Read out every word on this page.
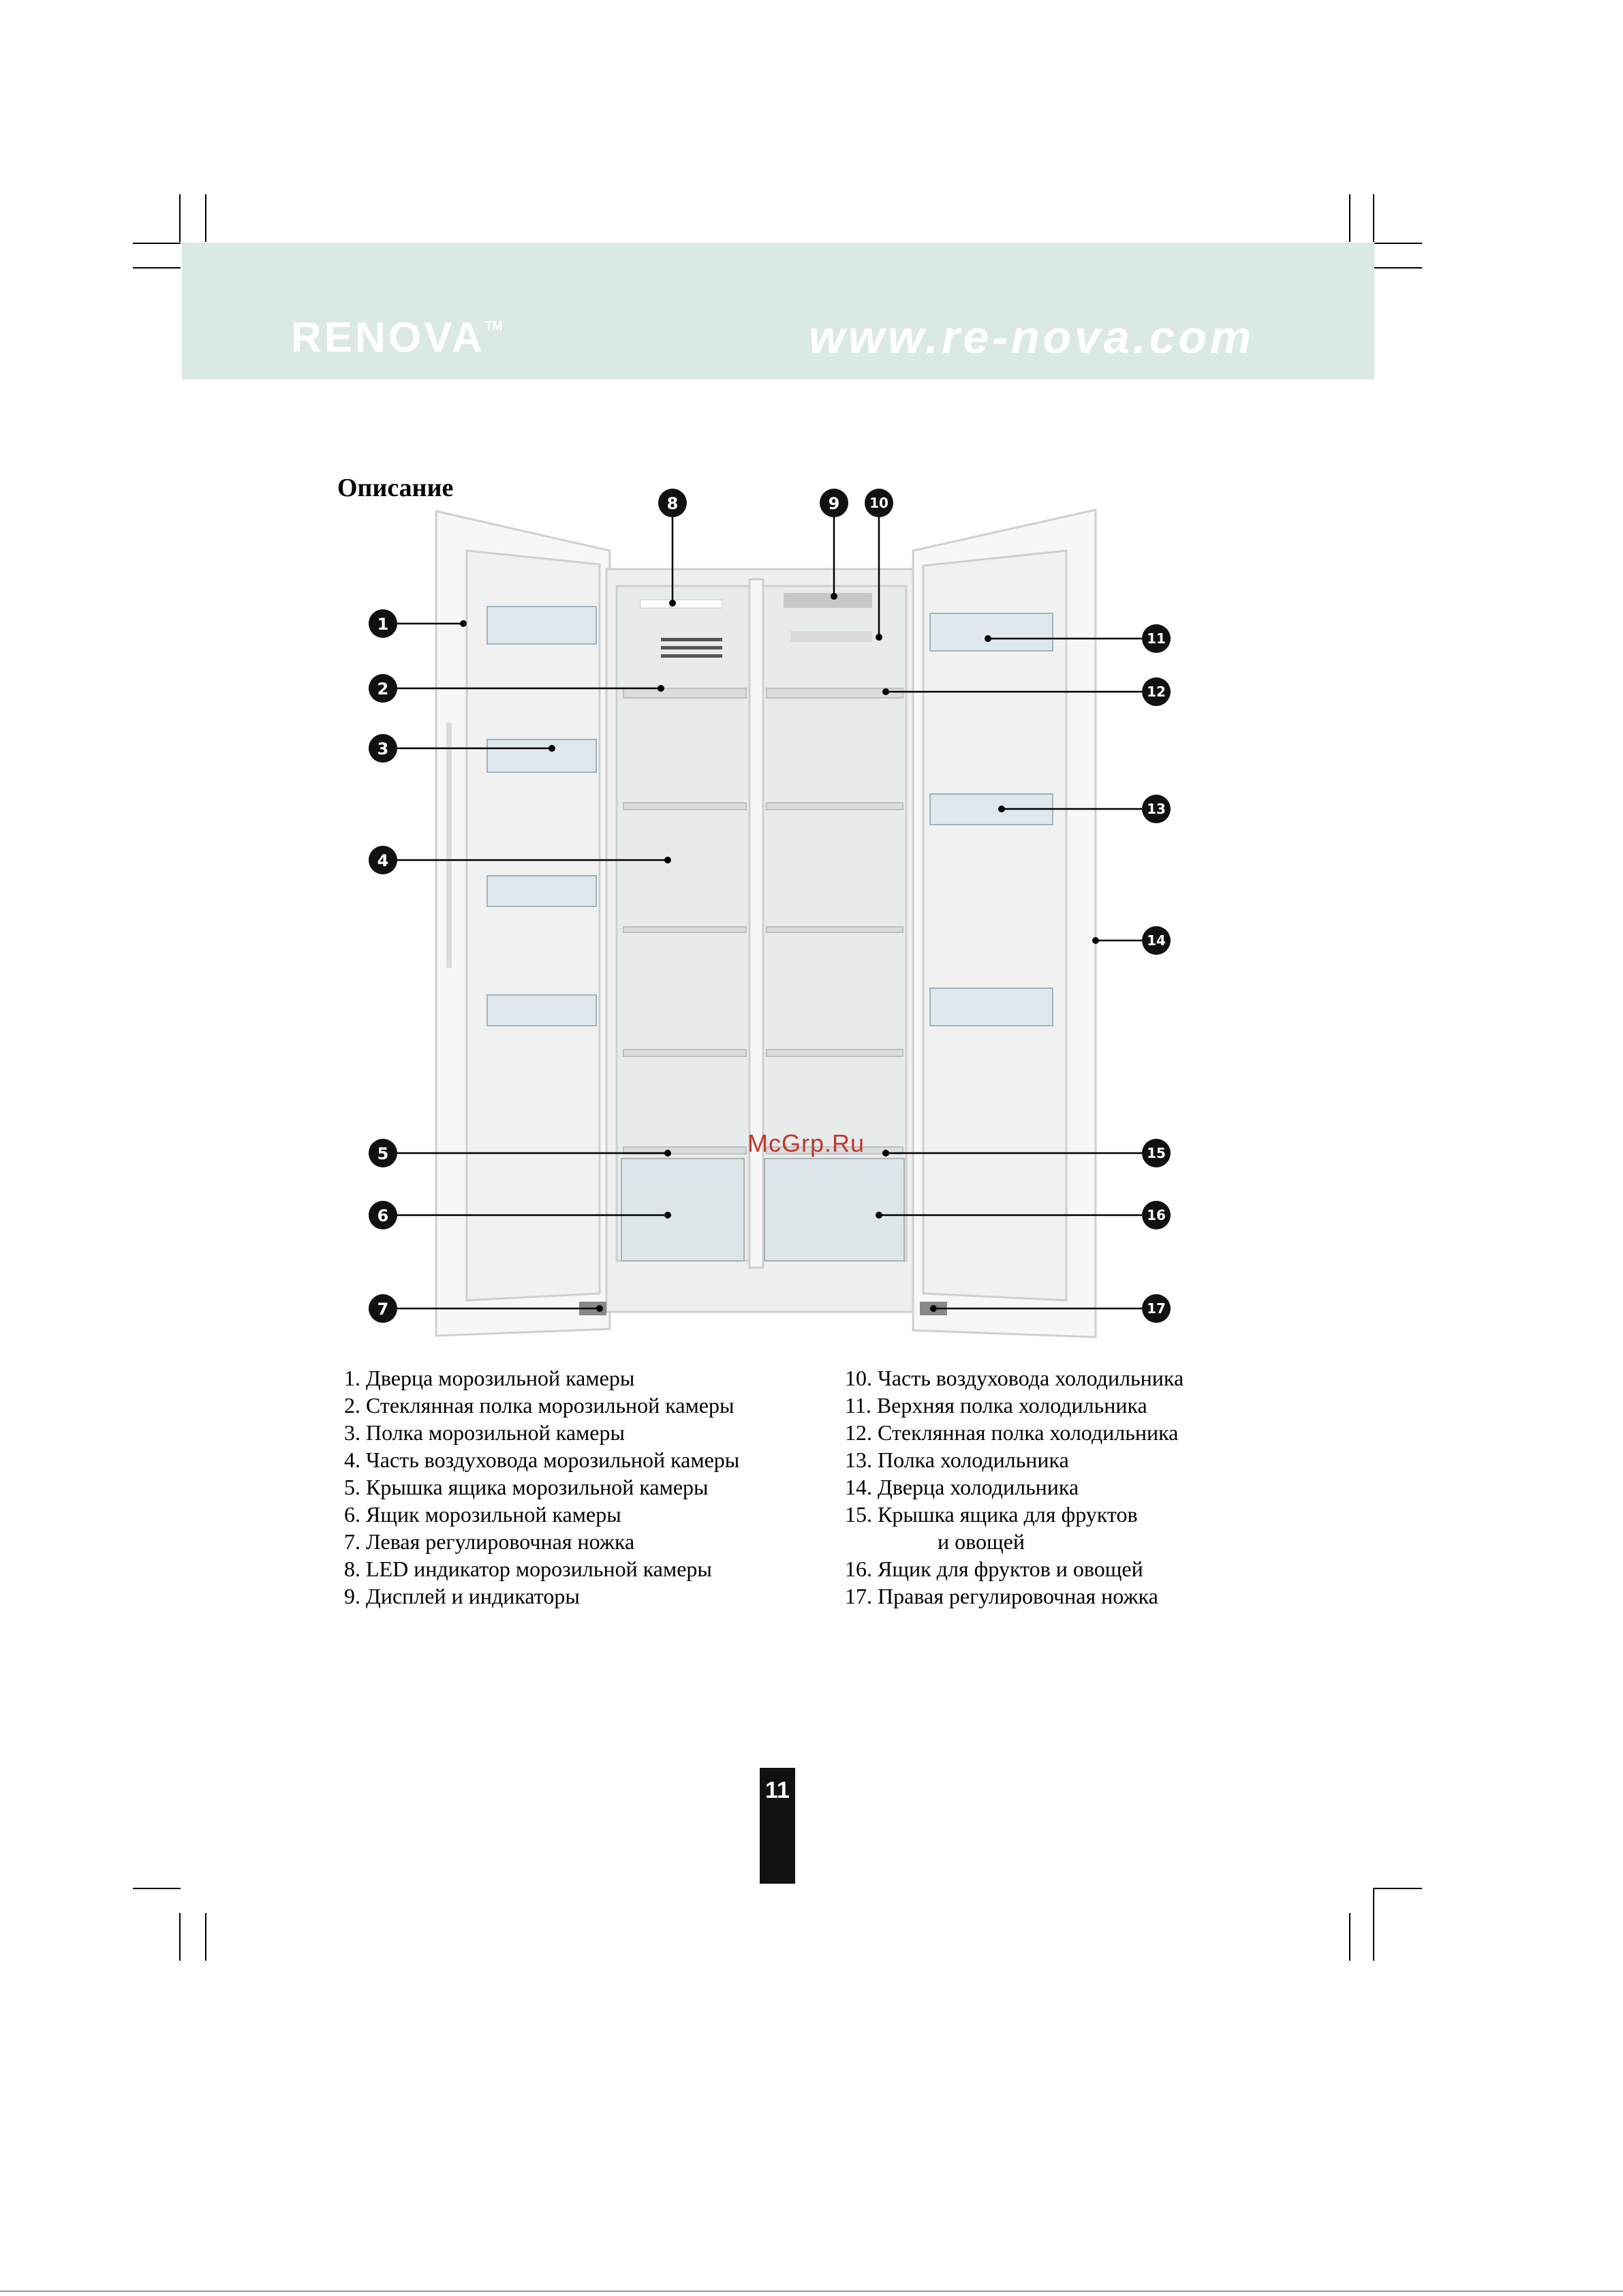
RENOVA™	www.re-nova.com
Описание
1
2
3
4
5
6
7
8	9 10
11
12
13
14
15
16
17
McGrp.Ru
1. Дверца морозильной камеры
2. Стеклянная полка морозильной камеры
3. Полка морозильной камеры
4. Часть воздуховода морозильной камеры
5. Крышка ящика морозильной камеры
6. Ящик морозильной камеры
7. Левая регулировочная ножка
8. LED индикатор морозильной камеры
9. Дисплей и индикаторы
10. Часть воздуховода холодильника
11. Верхняя полка холодильника
12. Стеклянная полка холодильника
13. Полка холодильника
14. Дверца холодильника
15. Крышка ящика для фруктов
и овощей
16. Ящик для фруктов и овощей
17. Правая регулировочная ножка
11
